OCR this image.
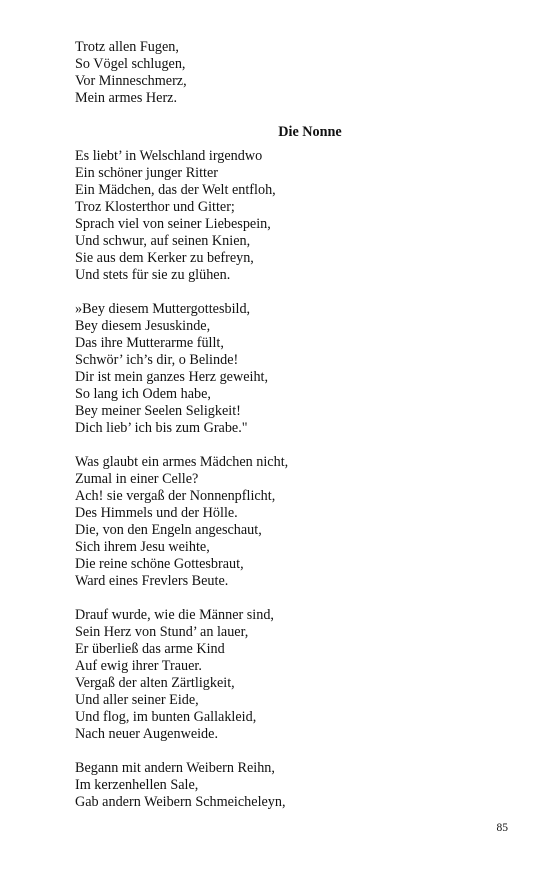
Trotz allen Fugen,
So Vögel schlugen,
Vor Minneschmerz,
Mein armes Herz.
Die Nonne
Es liebt’ in Welschland irgendwo
Ein schöner junger Ritter
Ein Mädchen, das der Welt entfloh,
Troz Klosterthor und Gitter;
Sprach viel von seiner Liebespein,
Und schwur, auf seinen Knien,
Sie aus dem Kerker zu befreyn,
Und stets für sie zu glühen.
»Bey diesem Muttergottesbild,
Bey diesem Jesuskinde,
Das ihre Mutterarme füllt,
Schwör’ ich’s dir, o Belinde!
Dir ist mein ganzes Herz geweiht,
So lang ich Odem habe,
Bey meiner Seelen Seligkeit!
Dich lieb’ ich bis zum Grabe."
Was glaubt ein armes Mädchen nicht,
Zumal in einer Celle?
Ach! sie vergaß der Nonnenpflicht,
Des Himmels und der Hölle.
Die, von den Engeln angeschaut,
Sich ihrem Jesu weihte,
Die reine schöne Gottesbraut,
Ward eines Frevlers Beute.
Drauf wurde, wie die Männer sind,
Sein Herz von Stund’ an lauer,
Er überließ das arme Kind
Auf ewig ihrer Trauer.
Vergaß der alten Zärtligkeit,
Und aller seiner Eide,
Und flog, im bunten Gallakleid,
Nach neuer Augenweide.
Begann mit andern Weibern Reihn,
Im kerzenhellen Sale,
Gab andern Weibern Schmeicheleyn,
85
